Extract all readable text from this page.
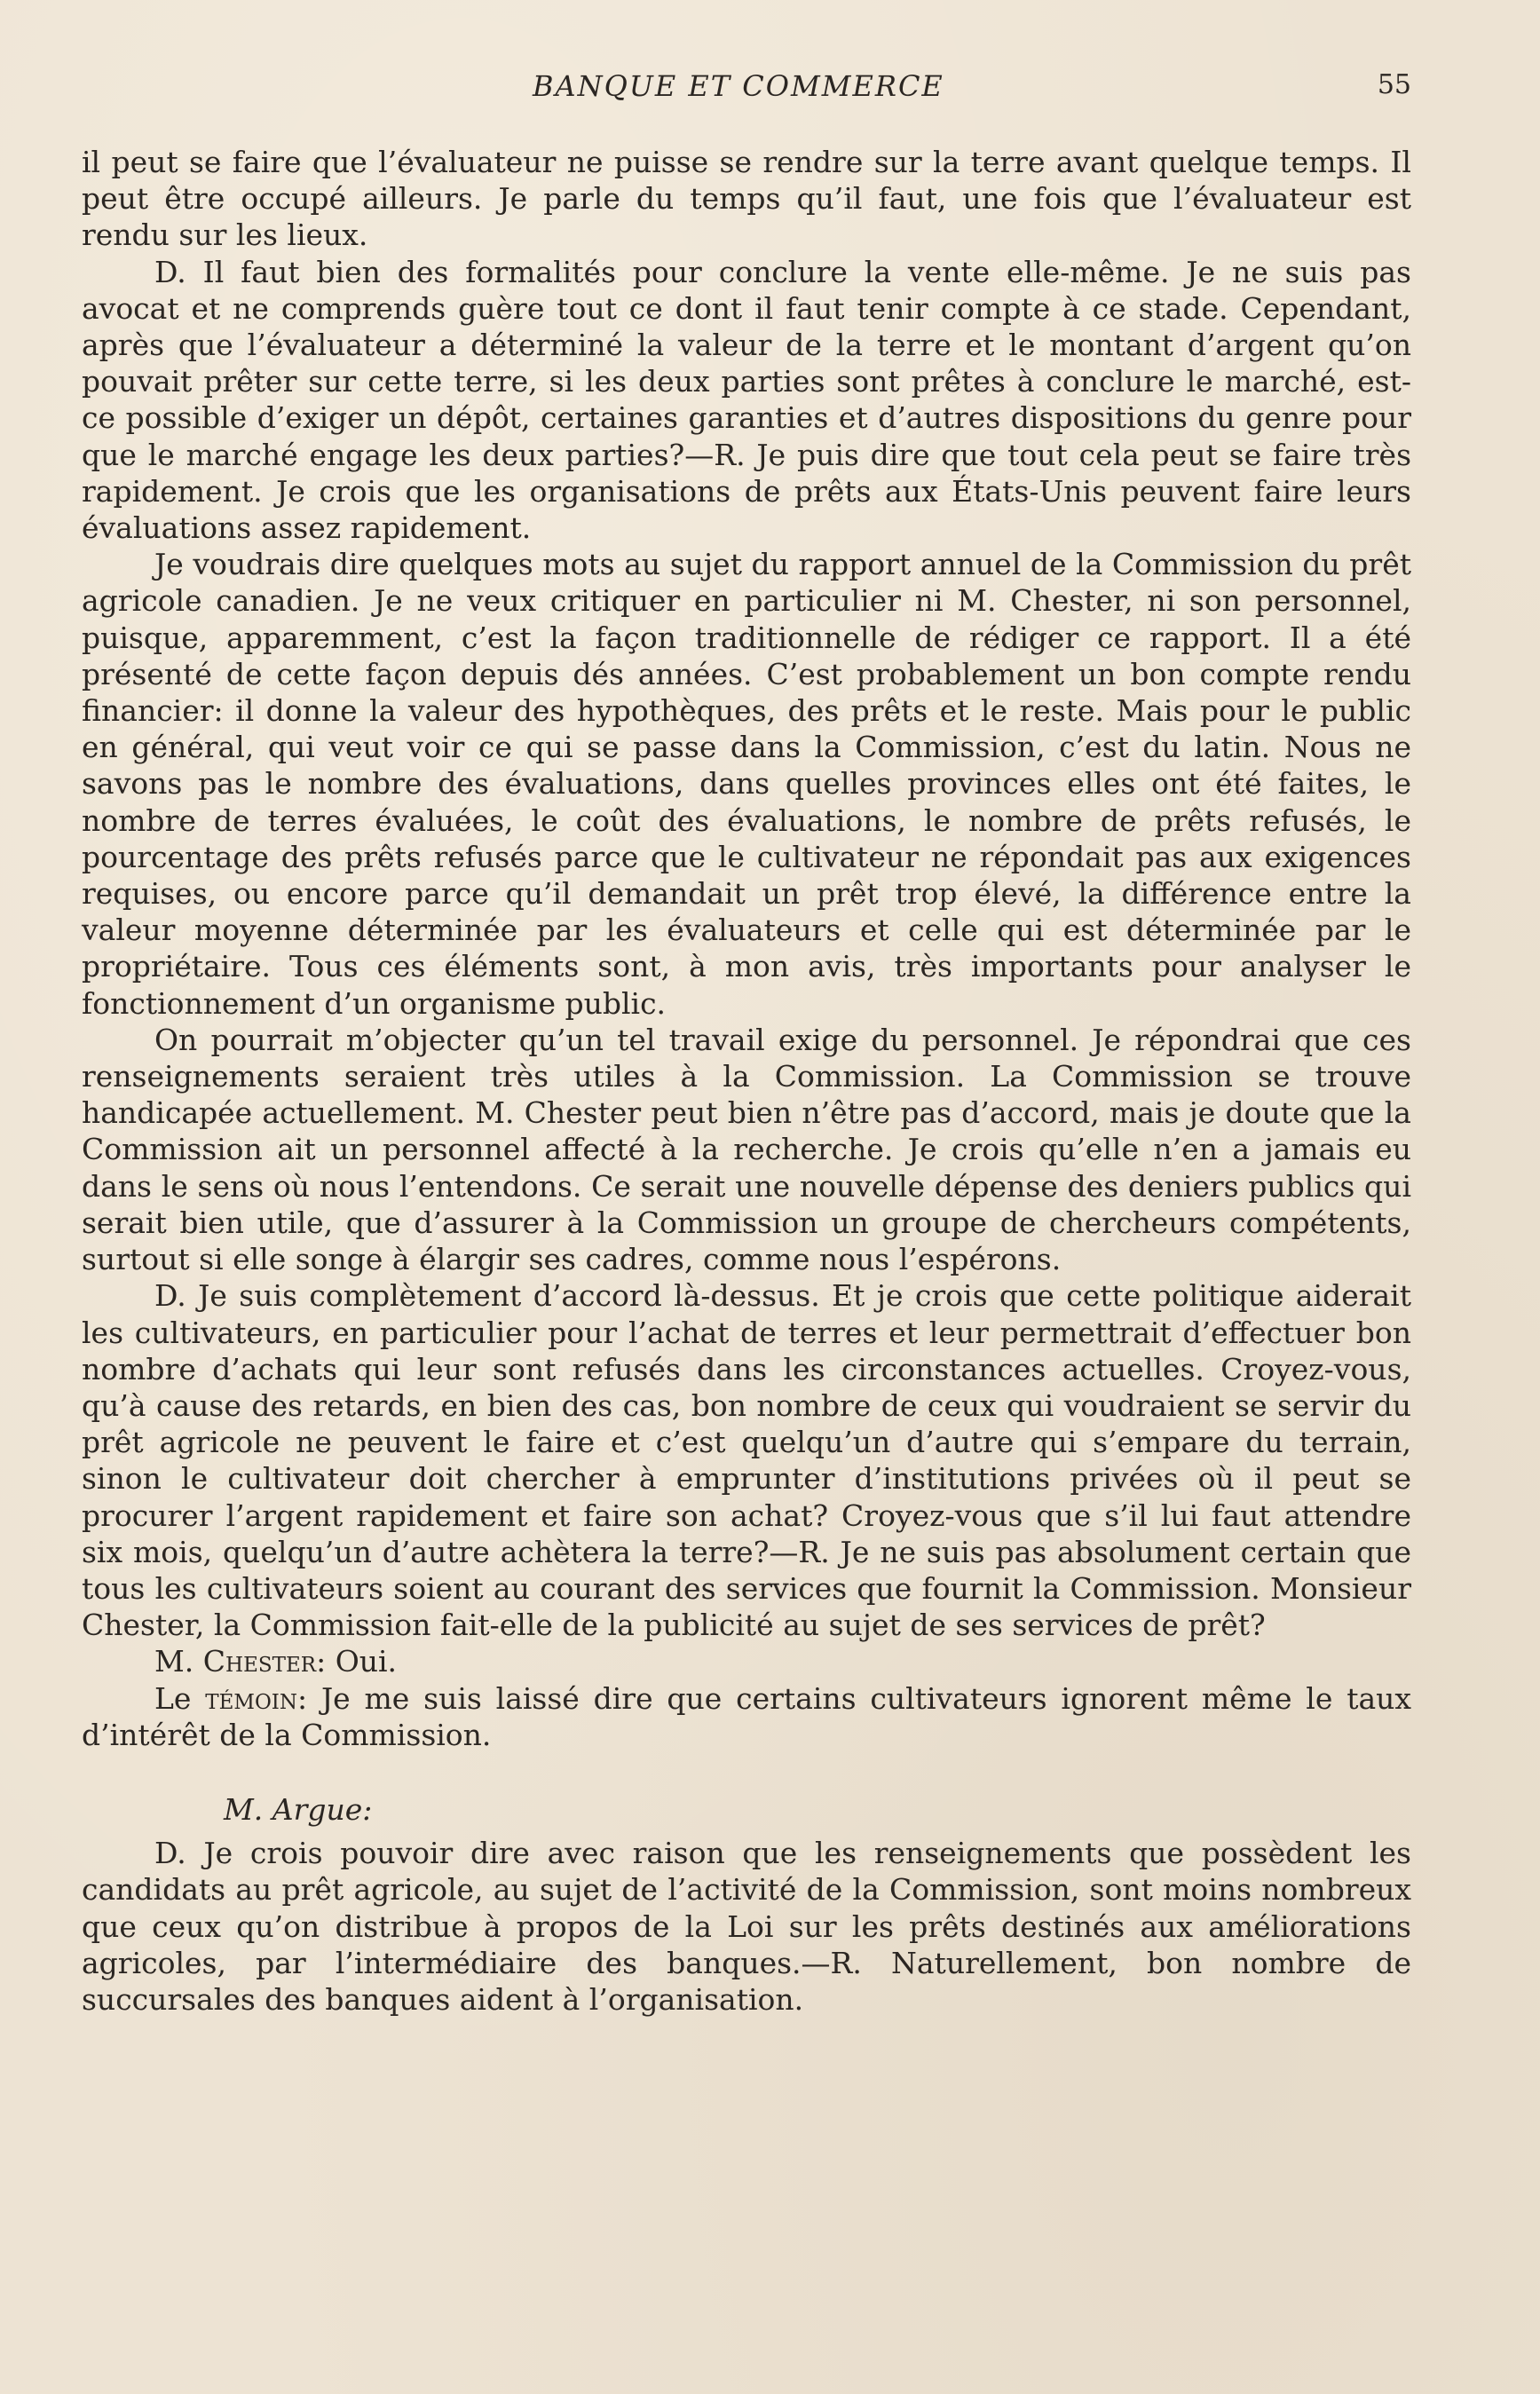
BANQUE ET COMMERCE	55

il peut se faire que l’évaluateur ne puisse se rendre sur la terre avant quelque temps. Il peut être occupé ailleurs. Je parle du temps qu’il faut, une fois que l’évaluateur est rendu sur les lieux.

D. Il faut bien des formalités pour conclure la vente elle-même. Je ne suis pas avocat et ne comprends guère tout ce dont il faut tenir compte à ce stade. Cependant, après que l’évaluateur a déterminé la valeur de la terre et le montant d’argent qu’on pouvait prêter sur cette terre, si les deux parties sont prêtes à conclure le marché, est-ce possible d’exiger un dépôt, certaines garanties et d’autres dispositions du genre pour que le marché engage les deux parties?—R. Je puis dire que tout cela peut se faire très rapidement. Je crois que les organisations de prêts aux États-Unis peuvent faire leurs évaluations assez rapidement.

Je voudrais dire quelques mots au sujet du rapport annuel de la Commission du prêt agricole canadien. Je ne veux critiquer en particulier ni M. Chester, ni son personnel, puisque, apparemment, c’est la façon traditionnelle de rédiger ce rapport. Il a été présenté de cette façon depuis dés années. C’est probablement un bon compte rendu financier: il donne la valeur des hypothèques, des prêts et le reste. Mais pour le public en général, qui veut voir ce qui se passe dans la Commission, c’est du latin. Nous ne savons pas le nombre des évaluations, dans quelles provinces elles ont été faites, le nombre de terres évaluées, le coût des évaluations, le nombre de prêts refusés, le pourcentage des prêts refusés parce que le cultivateur ne répondait pas aux exigences requises, ou encore parce qu’il demandait un prêt trop élevé, la différence entre la valeur moyenne déterminée par les évaluateurs et celle qui est déterminée par le propriétaire. Tous ces éléments sont, à mon avis, très importants pour analyser le fonctionnement d’un organisme public.

On pourrait m’objecter qu’un tel travail exige du personnel. Je répondrai que ces renseignements seraient très utiles à la Commission. La Commission se trouve handicapée actuellement. M. Chester peut bien n’être pas d’accord, mais je doute que la Commission ait un personnel affecté à la recherche. Je crois qu’elle n’en a jamais eu dans le sens où nous l’entendons. Ce serait une nouvelle dépense des deniers publics qui serait bien utile, que d’assurer à la Commission un groupe de chercheurs compétents, surtout si elle songe à élargir ses cadres, comme nous l’espérons.

D. Je suis complètement d’accord là-dessus. Et je crois que cette politique aiderait les cultivateurs, en particulier pour l’achat de terres et leur permettrait d’effectuer bon nombre d’achats qui leur sont refusés dans les circonstances actuelles. Croyez-vous, qu’à cause des retards, en bien des cas, bon nombre de ceux qui voudraient se servir du prêt agricole ne peuvent le faire et c’est quelqu’un d’autre qui s’empare du terrain, sinon le cultivateur doit chercher à emprunter d’institutions privées où il peut se procurer l’argent rapidement et faire son achat? Croyez-vous que s’il lui faut attendre six mois, quelqu’un d’autre achètera la terre?—R. Je ne suis pas absolument certain que tous les cultivateurs soient au courant des services que fournit la Commission. Monsieur Chester, la Commission fait-elle de la publicité au sujet de ses services de prêt?

M. Chester: Oui.

Le témoin: Je me suis laissé dire que certains cultivateurs ignorent même le taux d’intérêt de la Commission.

M. Argue:

D. Je crois pouvoir dire avec raison que les renseignements que possèdent les candidats au prêt agricole, au sujet de l’activité de la Commission, sont moins nombreux que ceux qu’on distribue à propos de la Loi sur les prêts destinés aux améliorations agricoles, par l’intermédiaire des banques.—R. Naturellement, bon nombre de succursales des banques aident à l’organisation.
